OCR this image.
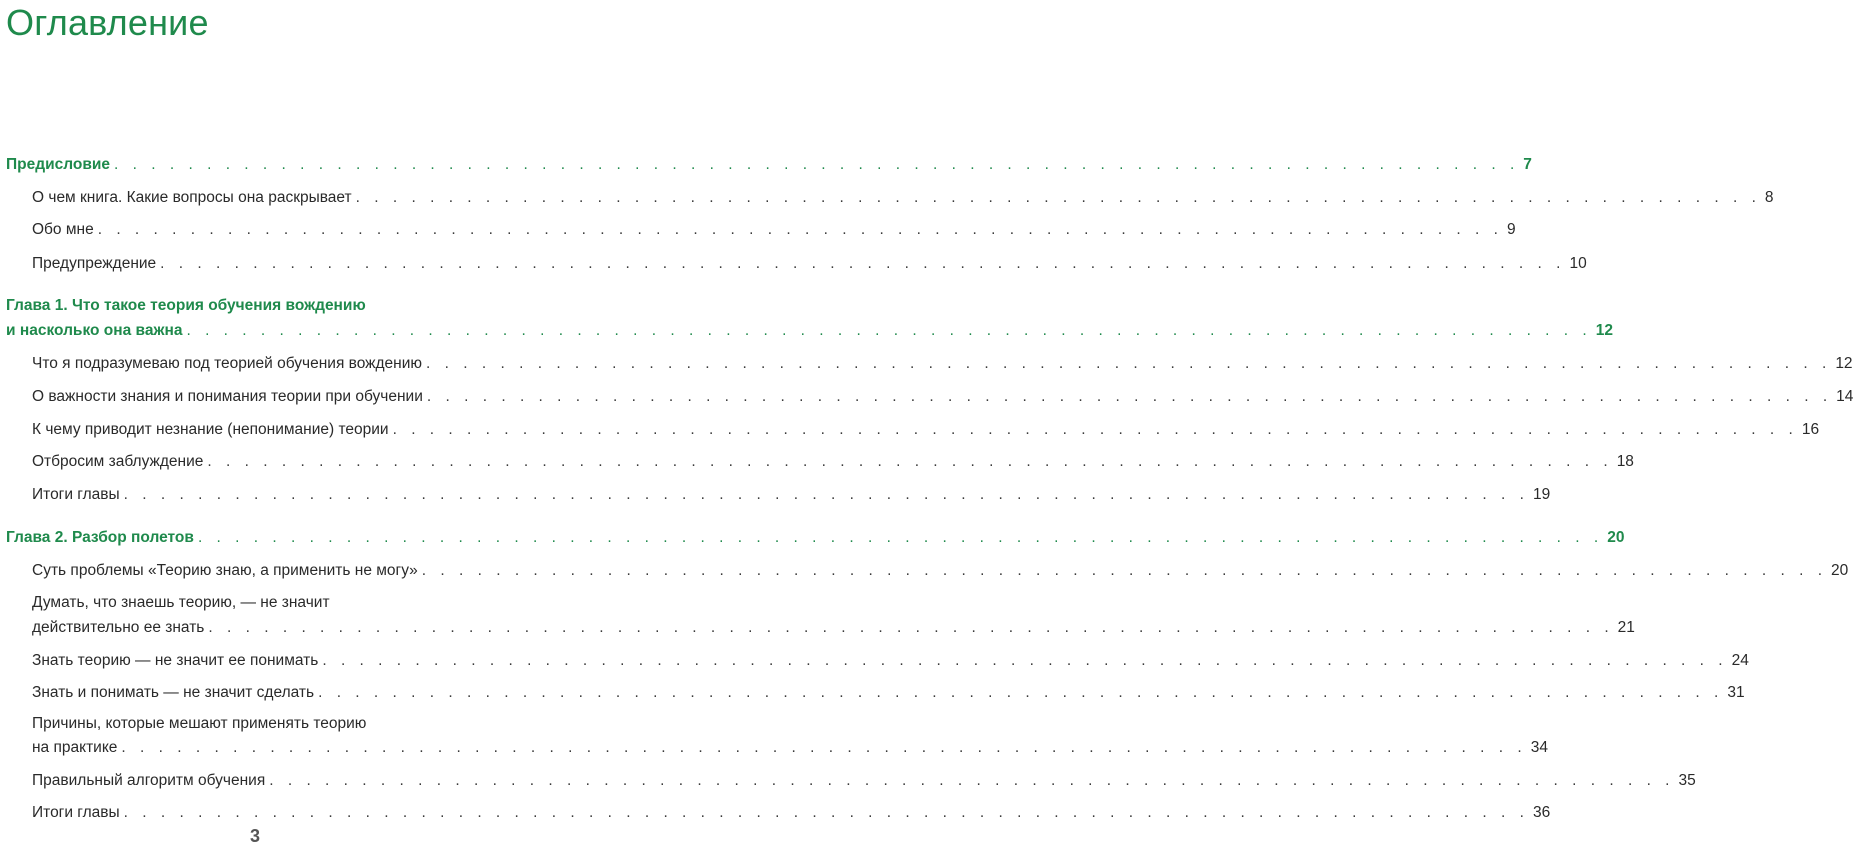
Оглавление
Предисловие . . . . . . . . . . . . . . . . . . . . . . . . . . . . . . . . . . . . . . . . . . . . . . . . . . . . . . . . . . . . . . . . . . . . . . . . . . . . 7
О чем книга. Какие вопросы она раскрывает . . . . . . . . . . . . . . . . . . . . . . . . . . . . . . . . . . . . . . . . . . . . . . . . . . . . . . . . . . . . . . . . . . . . . . . . . . . . 8
Обо мне . . . . . . . . . . . . . . . . . . . . . . . . . . . . . . . . . . . . . . . . . . . . . . . . . . . . . . . . . . . . . . . . . . . . . . . . . . . . 9
Предупреждение . . . . . . . . . . . . . . . . . . . . . . . . . . . . . . . . . . . . . . . . . . . . . . . . . . . . . . . . . . . . . . . . . . . . . . . . . . . . 10
Глава 1. Что такое теория обучения вождению
и насколько она важна . . . . . . . . . . . . . . . . . . . . . . . . . . . . . . . . . . . . . . . . . . . . . . . . . . . . . . . . . . . . . . . . . . . . . . . . . . . . 12
Что я подразумеваю под теорией обучения вождению . . . . . . . . . . . . . . . . . . . . . . . . . . . . . . . . . . . . . . . . . . . . . . . . . . . . . . . . . . . . . . . . . . . . . . . . . . . . 12
О важности знания и понимания теории при обучении . . . . . . . . . . . . . . . . . . . . . . . . . . . . . . . . . . . . . . . . . . . . . . . . . . . . . . . . . . . . . . . . . . . . . . . . . . . . 14
К чему приводит незнание (непонимание) теории . . . . . . . . . . . . . . . . . . . . . . . . . . . . . . . . . . . . . . . . . . . . . . . . . . . . . . . . . . . . . . . . . . . . . . . . . . . . 16
Отбросим заблуждение . . . . . . . . . . . . . . . . . . . . . . . . . . . . . . . . . . . . . . . . . . . . . . . . . . . . . . . . . . . . . . . . . . . . . . . . . . . . 18
Итоги главы . . . . . . . . . . . . . . . . . . . . . . . . . . . . . . . . . . . . . . . . . . . . . . . . . . . . . . . . . . . . . . . . . . . . . . . . . . . . 19
Глава 2. Разбор полетов . . . . . . . . . . . . . . . . . . . . . . . . . . . . . . . . . . . . . . . . . . . . . . . . . . . . . . . . . . . . . . . . . . . . . . . . . . . . 20
Суть проблемы «Теорию знаю, а применить не могу» . . . . . . . . . . . . . . . . . . . . . . . . . . . . . . . . . . . . . . . . . . . . . . . . . . . . . . . . . . . . . . . . . . . . . . . . . . . . 20
Думать, что знаешь теорию, — не значит
действительно ее знать . . . . . . . . . . . . . . . . . . . . . . . . . . . . . . . . . . . . . . . . . . . . . . . . . . . . . . . . . . . . . . . . . . . . . . . . . . . . 21
Знать теорию — не значит ее понимать . . . . . . . . . . . . . . . . . . . . . . . . . . . . . . . . . . . . . . . . . . . . . . . . . . . . . . . . . . . . . . . . . . . . . . . . . . . . 24
Знать и понимать — не значит сделать . . . . . . . . . . . . . . . . . . . . . . . . . . . . . . . . . . . . . . . . . . . . . . . . . . . . . . . . . . . . . . . . . . . . . . . . . . . . 31
Причины, которые мешают применять теорию
на практике . . . . . . . . . . . . . . . . . . . . . . . . . . . . . . . . . . . . . . . . . . . . . . . . . . . . . . . . . . . . . . . . . . . . . . . . . . . . 34
Правильный алгоритм обучения . . . . . . . . . . . . . . . . . . . . . . . . . . . . . . . . . . . . . . . . . . . . . . . . . . . . . . . . . . . . . . . . . . . . . . . . . . . . 35
Итоги главы . . . . . . . . . . . . . . . . . . . . . . . . . . . . . . . . . . . . . . . . . . . . . . . . . . . . . . . . . . . . . . . . . . . . . . . . . . . . 36
3
